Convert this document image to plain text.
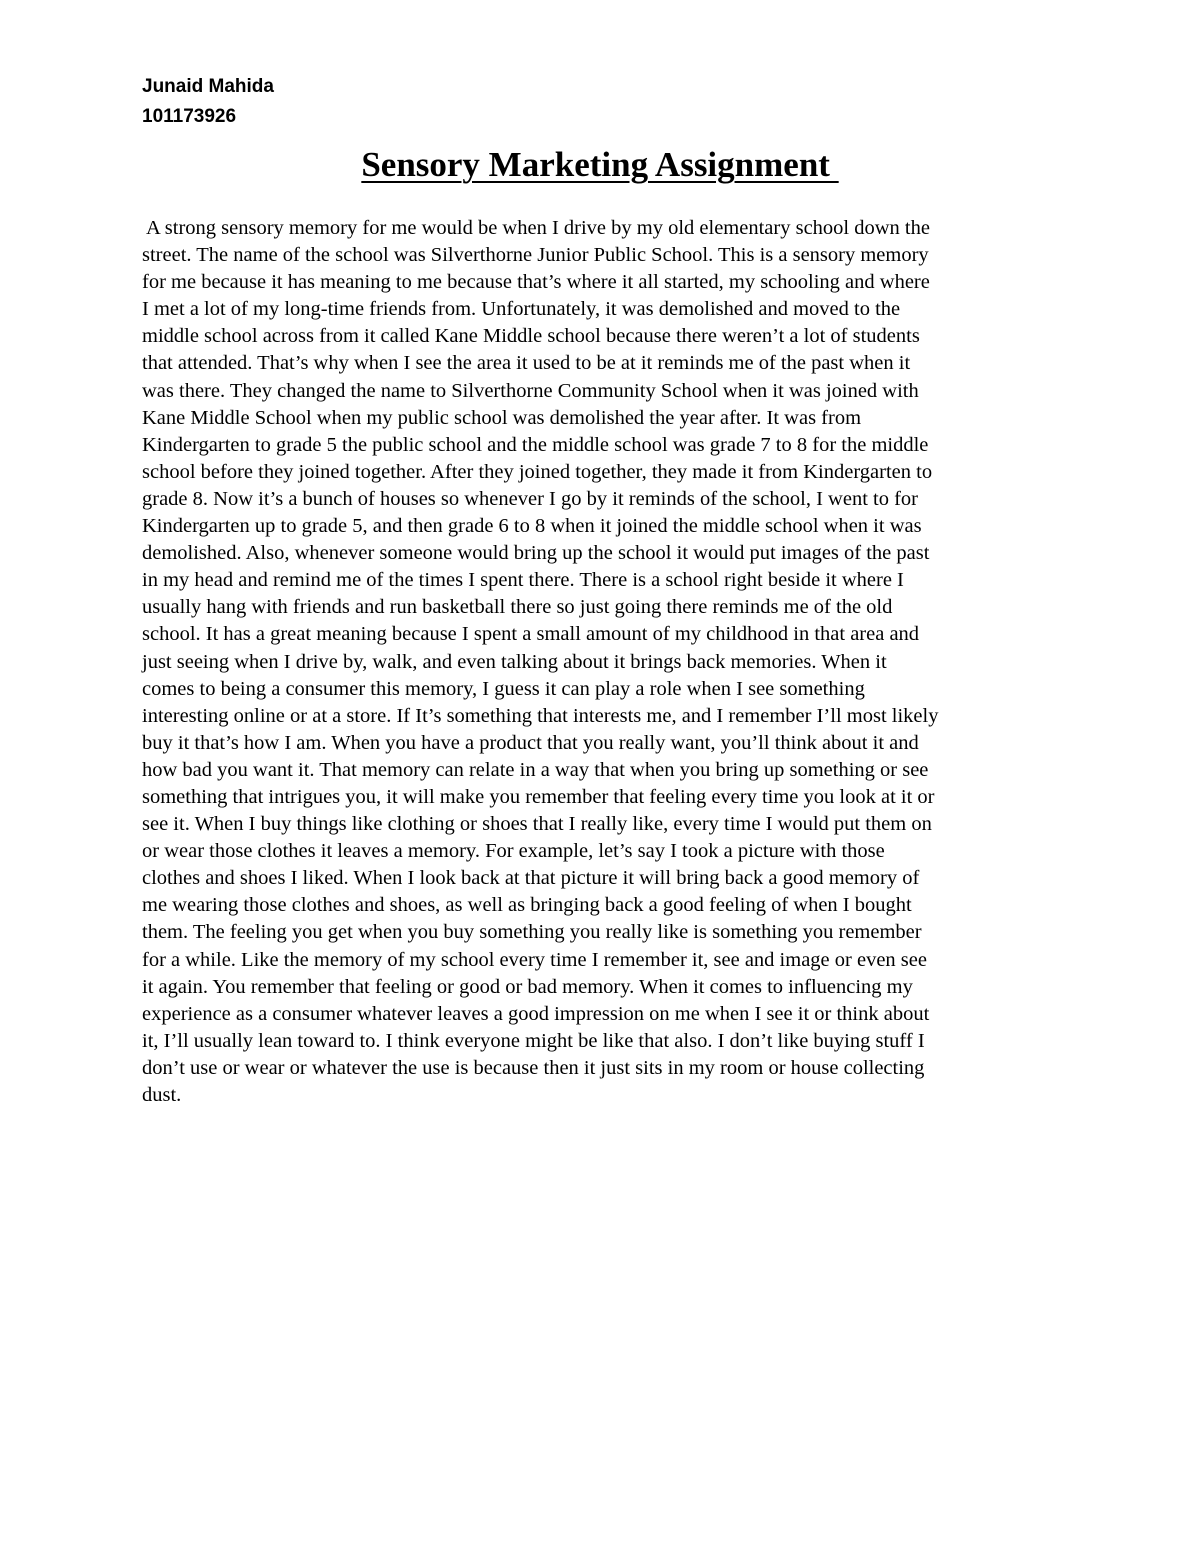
Junaid Mahida
101173926
Sensory Marketing Assignment
A strong sensory memory for me would be when I drive by my old elementary school down the
street. The name of the school was Silverthorne Junior Public School. This is a sensory memory
for me because it has meaning to me because that’s where it all started, my schooling and where
I met a lot of my long-time friends from. Unfortunately, it was demolished and moved to the
middle school across from it called Kane Middle school because there weren’t a lot of students
that attended. That’s why when I see the area it used to be at it reminds me of the past when it
was there. They changed the name to Silverthorne Community School when it was joined with
Kane Middle School when my public school was demolished the year after. It was from
Kindergarten to grade 5 the public school and the middle school was grade 7 to 8 for the middle
school before they joined together. After they joined together, they made it from Kindergarten to
grade 8. Now it’s a bunch of houses so whenever I go by it reminds of the school, I went to for
Kindergarten up to grade 5, and then grade 6 to 8 when it joined the middle school when it was
demolished. Also, whenever someone would bring up the school it would put images of the past
in my head and remind me of the times I spent there. There is a school right beside it where I
usually hang with friends and run basketball there so just going there reminds me of the old
school. It has a great meaning because I spent a small amount of my childhood in that area and
just seeing when I drive by, walk, and even talking about it brings back memories. When it
comes to being a consumer this memory, I guess it can play a role when I see something
interesting online or at a store. If It’s something that interests me, and I remember I’ll most likely
buy it that’s how I am. When you have a product that you really want, you’ll think about it and
how bad you want it. That memory can relate in a way that when you bring up something or see
something that intrigues you, it will make you remember that feeling every time you look at it or
see it. When I buy things like clothing or shoes that I really like, every time I would put them on
or wear those clothes it leaves a memory. For example, let’s say I took a picture with those
clothes and shoes I liked. When I look back at that picture it will bring back a good memory of
me wearing those clothes and shoes, as well as bringing back a good feeling of when I bought
them. The feeling you get when you buy something you really like is something you remember
for a while. Like the memory of my school every time I remember it, see and image or even see
it again. You remember that feeling or good or bad memory. When it comes to influencing my
experience as a consumer whatever leaves a good impression on me when I see it or think about
it, I’ll usually lean toward to. I think everyone might be like that also. I don’t like buying stuff I
don’t use or wear or whatever the use is because then it just sits in my room or house collecting
dust.
